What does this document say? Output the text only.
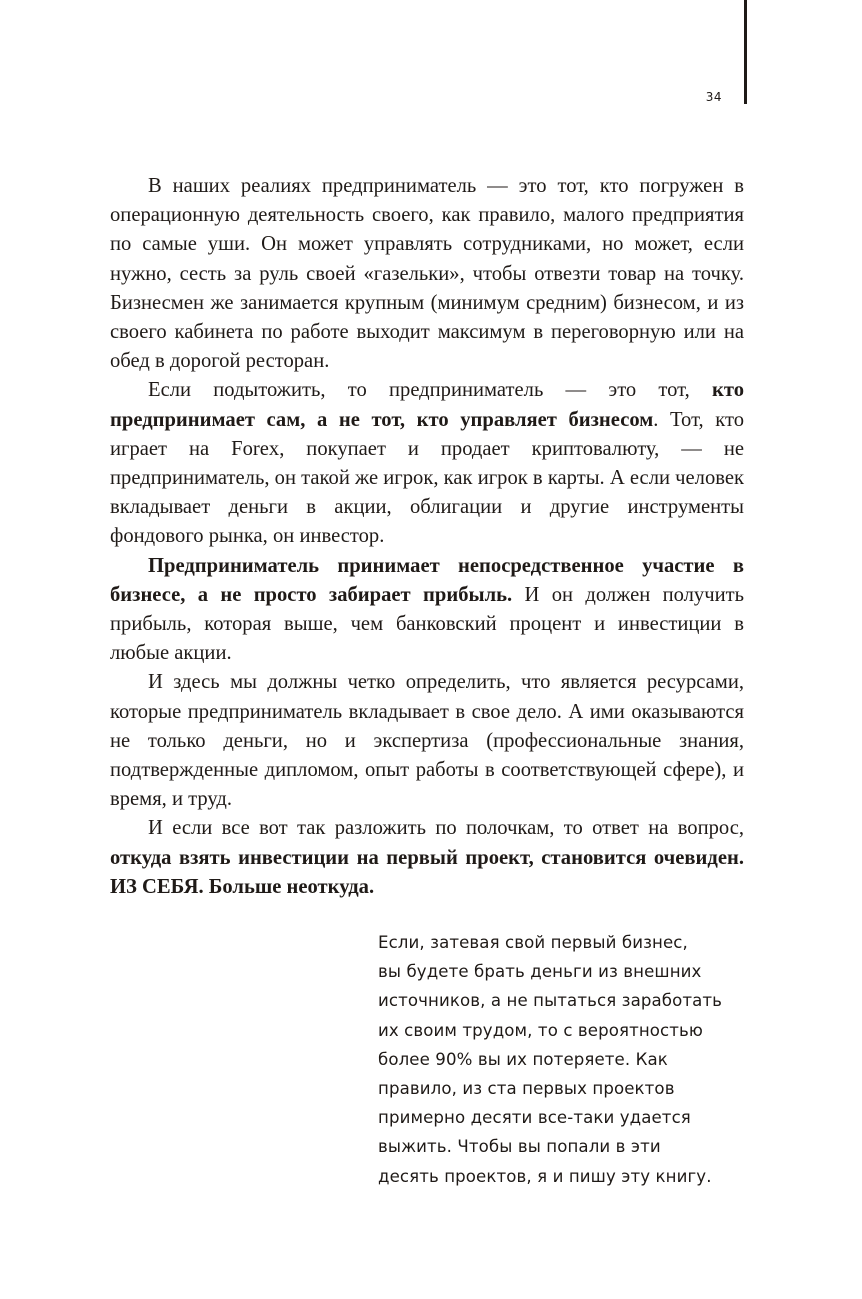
34

В наших реалиях предприниматель — это тот, кто погружен в операционную деятельность своего, как правило, малого предприятия по самые уши. Он может управлять сотрудниками, но может, если нужно, сесть за руль своей «газельки», чтобы отвезти товар на точку. Бизнесмен же занимается крупным (минимум средним) бизнесом, и из своего кабинета по работе выходит максимум в переговорную или на обед в дорогой ресторан.

Если подытожить, то предприниматель — это тот, кто предпринимает сам, а не тот, кто управляет бизнесом. Тот, кто играет на Forex, покупает и продает криптовалюту, — не предприниматель, он такой же игрок, как игрок в карты. А если человек вкладывает деньги в акции, облигации и другие инструменты фондового рынка, он инвестор.

Предприниматель принимает непосредственное участие в бизнесе, а не просто забирает прибыль. И он должен получить прибыль, которая выше, чем банковский процент и инвестиции в любые акции.

И здесь мы должны четко определить, что является ресурсами, которые предприниматель вкладывает в свое дело. А ими оказываются не только деньги, но и экспертиза (профессиональные знания, подтвержденные дипломом, опыт работы в соответствующей сфере), и время, и труд.

И если все вот так разложить по полочкам, то ответ на вопрос, откуда взять инвестиции на первый проект, становится очевиден. ИЗ СЕБЯ. Больше неоткуда.

Если, затевая свой первый бизнес,
вы будете брать деньги из внешних
источников, а не пытаться заработать
их своим трудом, то с вероятностью
более 90% вы их потеряете. Как
правило, из ста первых проектов
примерно десяти все-таки удается
выжить. Чтобы вы попали в эти
десять проектов, я и пишу эту книгу.
